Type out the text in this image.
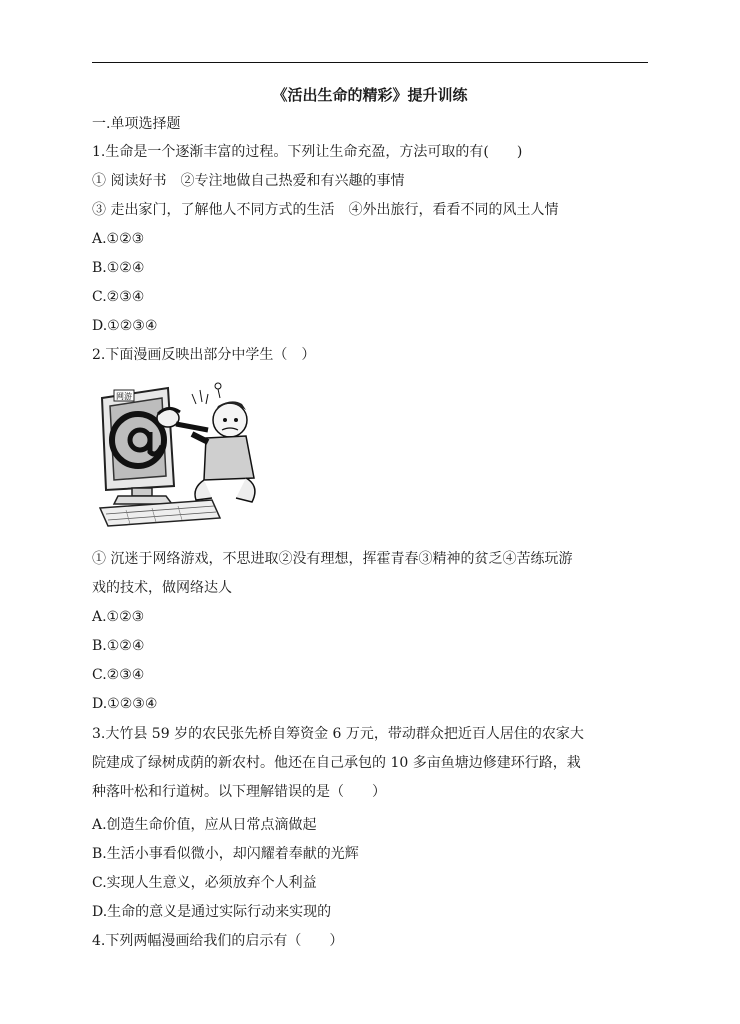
《活出生命的精彩》提升训练
一.单项选择题
1.生命是一个逐渐丰富的过程。下列让生命充盈，方法可取的有(　　)
① 阅读好书　②专注地做自己热爱和有兴趣的事情
③ 走出家门，了解他人不同方式的生活　④外出旅行，看看不同的风土人情
A.①②③
B.①②④
C.②③④
D.①②③④
2.下面漫画反映出部分中学生（　）
网游
① 沉迷于网络游戏，不思进取②没有理想，挥霍青春③精神的贫乏④苦练玩游
戏的技术，做网络达人
A.①②③
B.①②④
C.②③④
D.①②③④
3.大竹县 59 岁的农民张先桥自筹资金 6 万元，带动群众把近百人居住的农家大
院建成了绿树成荫的新农村。他还在自己承包的 10 多亩鱼塘边修建环行路，栽
种落叶松和行道树。以下理解错误的是（　　）
A.创造生命价值，应从日常点滴做起
B.生活小事看似微小，却闪耀着奉献的光辉
C.实现人生意义，必须放弃个人利益
D.生命的意义是通过实际行动来实现的
4.下列两幅漫画给我们的启示有（　　）
